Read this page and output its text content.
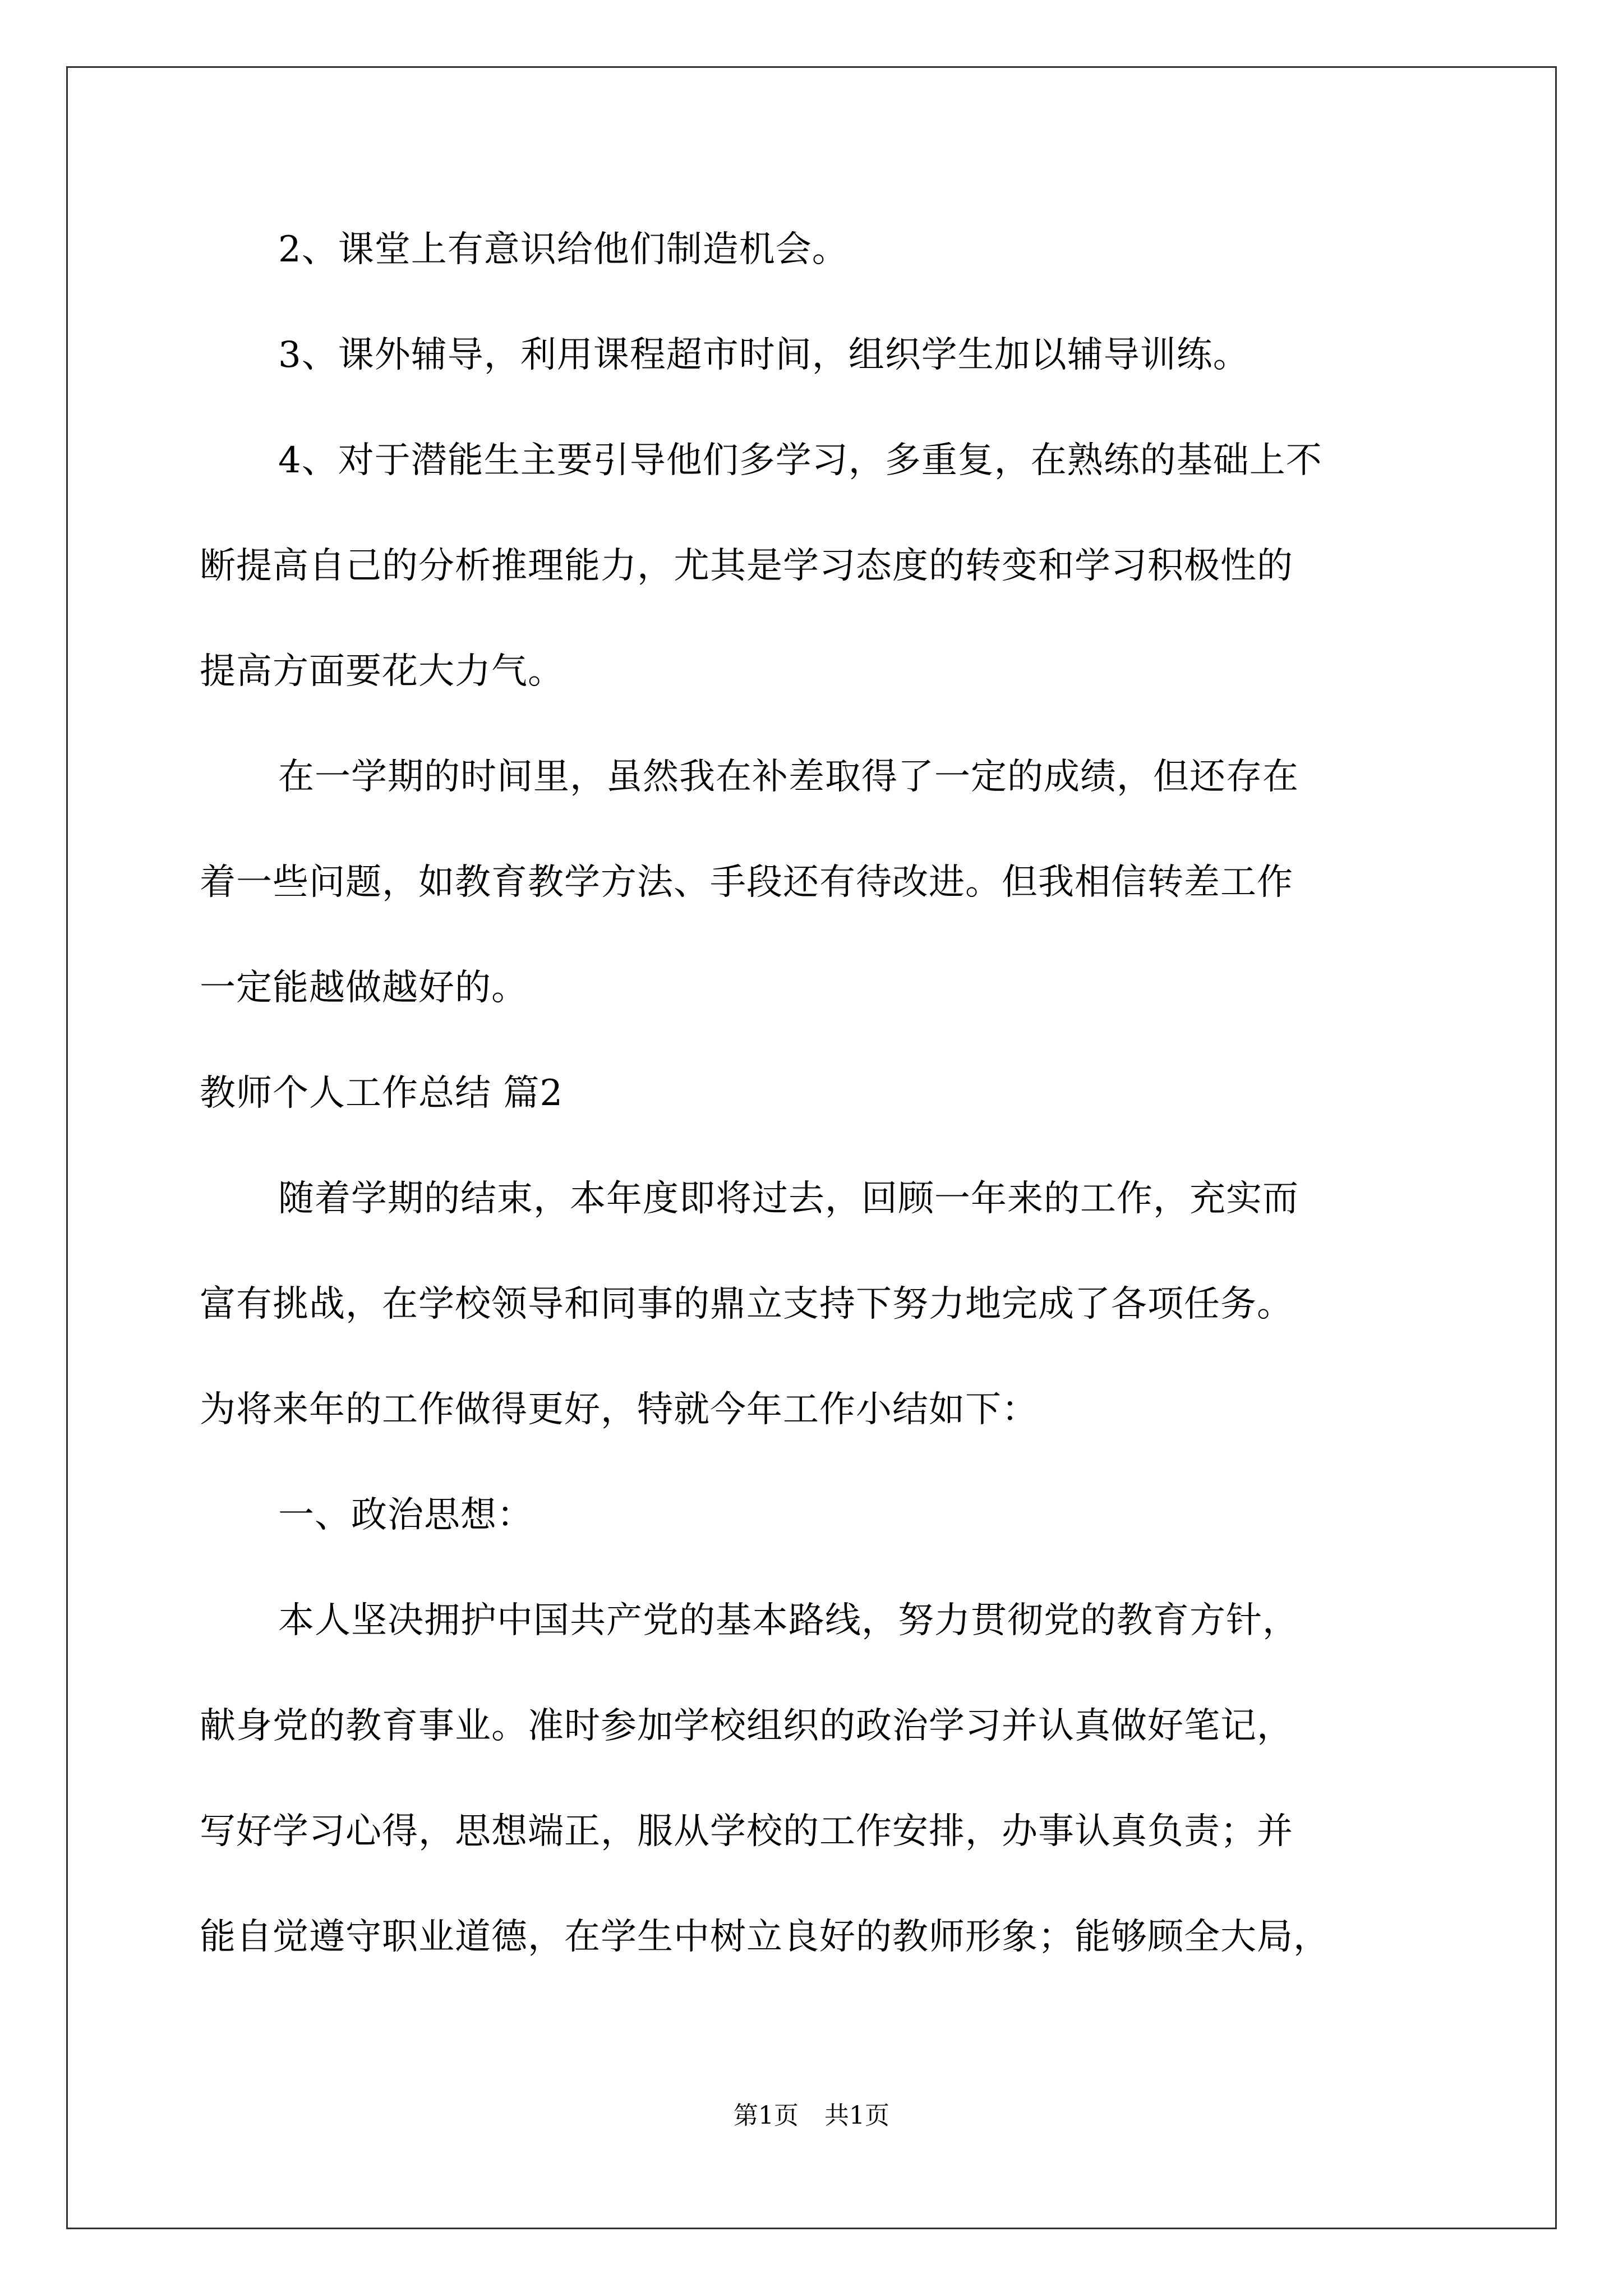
2、课堂上有意识给他们制造机会。
3、课外辅导，利用课程超市时间，组织学生加以辅导训练。
4、对于潜能生主要引导他们多学习，多重复，在熟练的基础上不
断提高自己的分析推理能力，尤其是学习态度的转变和学习积极性的
提高方面要花大力气。
在一学期的时间里，虽然我在补差取得了一定的成绩，但还存在
着一些问题，如教育教学方法、手段还有待改进。但我相信转差工作
一定能越做越好的。
教师个人工作总结 篇2
随着学期的结束，本年度即将过去，回顾一年来的工作，充实而
富有挑战，在学校领导和同事的鼎立支持下努力地完成了各项任务。
为将来年的工作做得更好，特就今年工作小结如下：
一、政治思想：
本人坚决拥护中国共产党的基本路线，努力贯彻党的教育方针，
献身党的教育事业。准时参加学校组织的政治学习并认真做好笔记，
写好学习心得，思想端正，服从学校的工作安排，办事认真负责；并
能自觉遵守职业道德，在学生中树立良好的教师形象；能够顾全大局，
第1页 共1页
